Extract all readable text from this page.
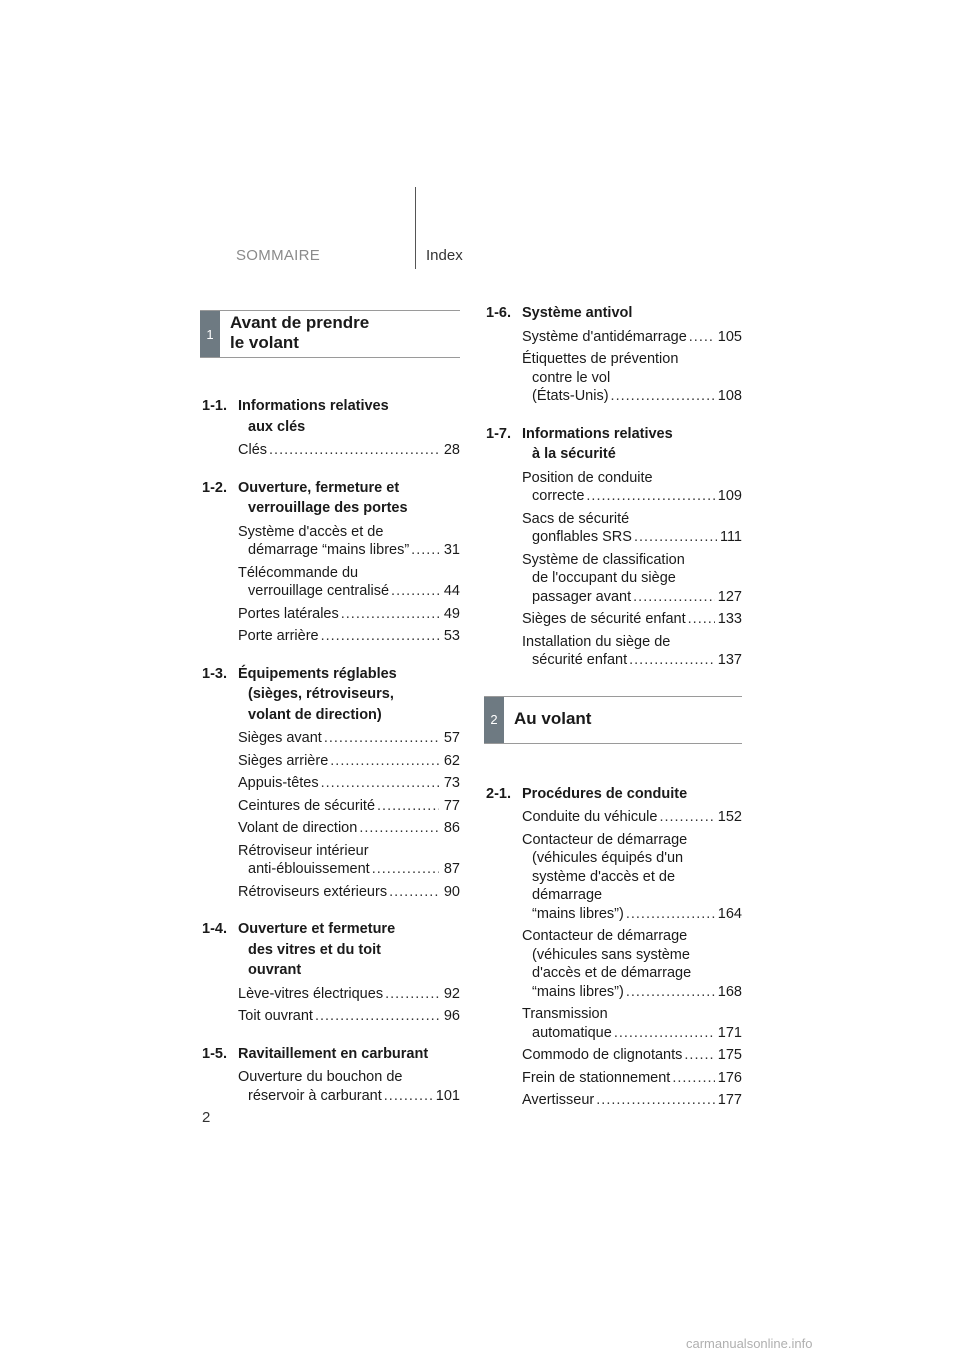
SOMMAIRE	Index
1
Avant de prendre
le volant
1-1. Informations relatives
aux clés
Clés .....	28
1-2. Ouverture, fermeture et
verrouillage des portes
Système d'accès et de
démarrage “mains libres” ..... 31
Télécommande du
verrouillage centralisé .....	44
Portes latérales .....	49
Porte arrière .....	53
1-3. Équipements réglables
(sièges, rétroviseurs,
volant de direction)
Sièges avant .....	57
Sièges arrière .....	62
Appuis-têtes .....	73
Ceintures de sécurité .....	77
Volant de direction .....	86
Rétroviseur intérieur
anti-éblouissement .....	87
Rétroviseurs extérieurs .....	90
1-4. Ouverture et fermeture
des vitres et du toit
ouvrant
Lève-vitres électriques .....	92
Toit ouvrant .....	96
1-5. Ravitaillement en carburant
Ouverture du bouchon de
réservoir à carburant .....	101
1-6. Système antivol
Système d'antidémarrage ..... 105
Étiquettes de prévention
contre le vol
(États-Unis) .....	108
1-7. Informations relatives
à la sécurité
Position de conduite
correcte .....	109
Sacs de sécurité
gonflables SRS .....	111
Système de classification
de l'occupant du siège
passager avant .....	127
Sièges de sécurité enfant ..... 133
Installation du siège de
sécurité enfant .....	137
2 Au volant
2-1. Procédures de conduite
Conduite du véhicule .....	152
Contacteur de démarrage
(véhicules équipés d'un
système d'accès et de
démarrage
“mains libres”) .....	164
Contacteur de démarrage
(véhicules sans système
d'accès et de démarrage
“mains libres”) .....	168
Transmission
automatique .....	171
Commodo de clignotants ..... 175
Frein de stationnement .....	176
Avertisseur .....	177
2
carmanualsonline.info
